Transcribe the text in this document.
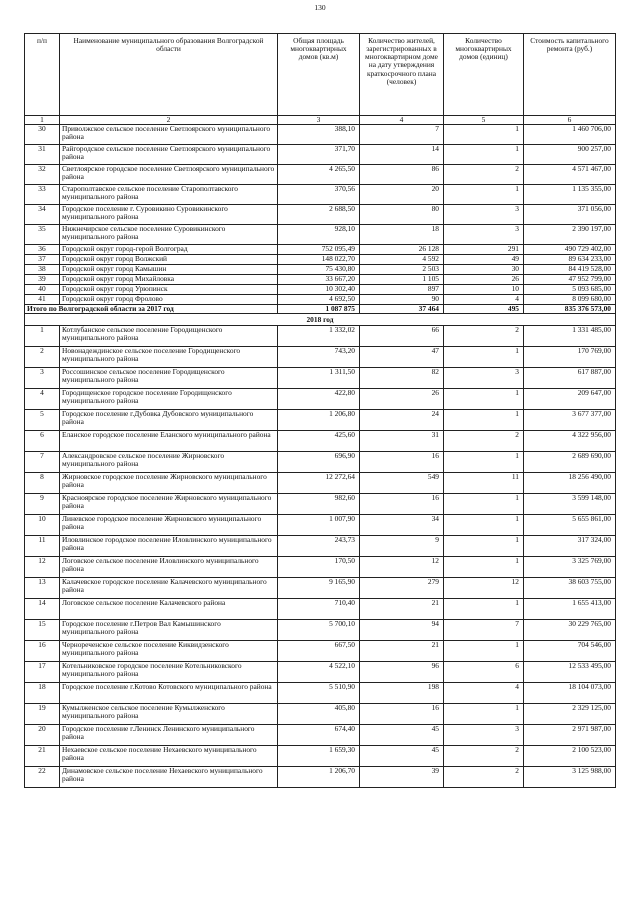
130
п/п	Наименование муниципального образования Волгоградской области	Общая площадь многоквартирных домов (кв.м)	Количество жителей, зарегистрированных в многоквартирном доме на дату утверждения краткосрочного плана (человек)	Количество многоквартирных домов (единиц)	Стоимость капитального ремонта (руб.)
1	2	3	4	5	6
30	Приволжское сельское поселение Светлоярского муниципального района	388,10	7	1	1 460 706,00
31	Райгородское сельское поселение Светлоярского муниципального района	371,70	14	1	900 257,00
32	Светлоярское городское поселение Светлоярского муниципального района	4 265,50	86	2	4 571 467,00
33	Старополтавское сельское поселение Старополтавского муниципального района	370,56	20	1	1 135 355,00
34	Городское поселение г. Суровикино Суровикинского муниципального района	2 688,50	80	3	371 056,00
35	Нижнечирское сельское поселение Суровикинского муниципального района	928,10	18	3	2 390 197,00
36	Городской округ город-герой Волгоград	752 095,49	26 128	291	490 729 402,00
37	Городской округ город Волжский	148 022,70	4 592	49	89 634 233,00
38	Городской округ город Камышин	75 430,80	2 503	30	84 419 528,00
39	Городской округ город Михайловка	33 667,20	1 105	26	47 952 799,00
40	Городской округ город Урюпинск	10 302,40	897	10	5 093 685,00
41	Городской округ город Фролово	4 692,50	90	4	8 099 680,00
Итого по Волгоградской области за 2017 год		1 087 875	37 464	495	835 376 573,00
2018 год					
1	Котлубанское сельское поселение Городищенского муниципального района	1 332,02	66	2	1 331 485,00
2	Новонадеждинское сельское поселение Городищенского муниципального района	743,20	47	1	170 769,00
3	Россошинское сельское поселение Городищенского муниципального района	1 311,50	82	3	617 887,00
4	Городищенское городское поселение Городищенского муниципального района	422,80	26	1	209 647,00
5	Городское поселение г.Дубовка Дубовского муниципального района	1 206,80	24	1	3 677 377,00
6	Еланское городское поселение Еланского муниципального района	425,60	31	2	4 322 956,00
7	Александровское сельское поселение Жирновского муниципального района	696,90	16	1	2 689 690,00
8	Жирновское городское поселение Жирновского муниципального района	12 272,64	549	11	18 256 490,00
9	Красноярское городское поселение Жирновского муниципального района	982,60	16	1	3 599 148,00
10	Линевское городское поселение Жирновского муниципального района	1 007,90	34	1	5 655 861,00
11	Иловлинское городское поселение Иловлинского муниципального района	243,73	9	1	317 324,00
12	Логовское сельское поселение Иловлинского муниципального района	170,50	12	1	3 325 769,00
13	Калачевское городское поселение Калачевского муниципального района	9 165,90	279	12	38 603 755,00
14	Логовское сельское поселение Калачевского района	710,40	21	1	1 655 413,00
15	Городское поселение г.Петров Вал Камышинского муниципального района	5 700,10	94	7	30 229 765,00
16	Чернореченское сельское поселение Киквидзенского муниципального района	667,50	21	1	704 546,00
17	Котельниковское городское поселение Котельниковского муниципального района	4 522,10	96	6	12 533 495,00
18	Городское поселение г.Котово Котовского муниципального района	5 510,90	198	4	18 104 073,00
19	Кумылженское сельское поселение Кумылженского муниципального района	405,80	16	1	2 329 125,00
20	Городское поселение г.Ленинск Ленинского муниципального района	674,40	45	3	2 971 987,00
21	Нехаевское сельское поселение Нехаевского муниципального района	1 659,30	45	2	2 100 523,00
22	Динамовское сельское поселение Нехаевского муниципального района	1 206,70	39	2	3 125 988,00
